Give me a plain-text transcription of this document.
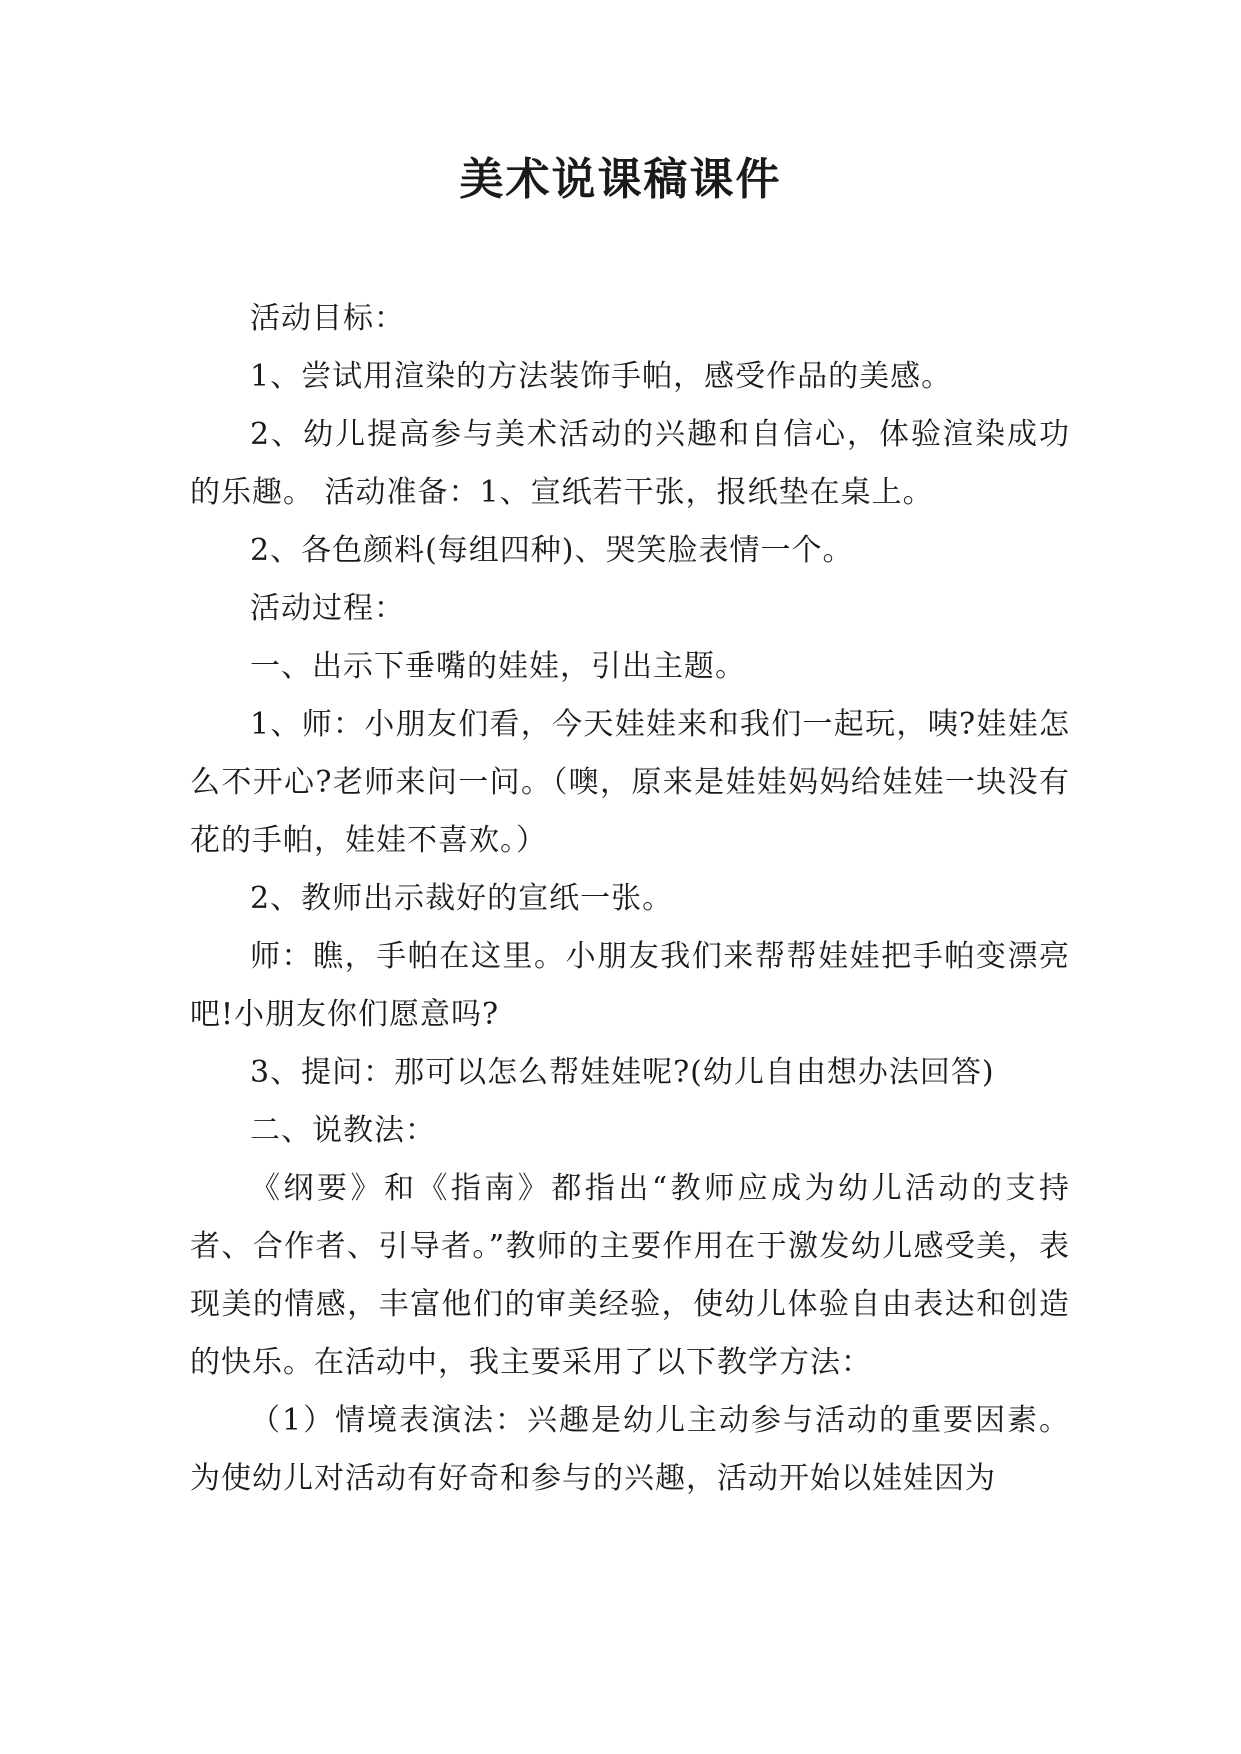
美术说课稿课件

活动目标：

1、尝试用渲染的方法装饰手帕，感受作品的美感。

2、幼儿提高参与美术活动的兴趣和自信心，体验渲染成功的乐趣。 活动准备：1、宣纸若干张，报纸垫在桌上。

2、各色颜料(每组四种)、哭笑脸表情一个。

活动过程：

一、出示下垂嘴的娃娃，引出主题。

1、师：小朋友们看，今天娃娃来和我们一起玩，咦?娃娃怎么不开心?老师来问一问。（噢，原来是娃娃妈妈给娃娃一块没有花的手帕，娃娃不喜欢。）

2、教师出示裁好的宣纸一张。

师：瞧，手帕在这里。小朋友我们来帮帮娃娃把手帕变漂亮吧!小朋友你们愿意吗?

3、提问：那可以怎么帮娃娃呢?(幼儿自由想办法回答)

二、说教法：

《纲要》和《指南》都指出“教师应成为幼儿活动的支持者、合作者、引导者。”教师的主要作用在于激发幼儿感受美，表现美的情感，丰富他们的审美经验，使幼儿体验自由表达和创造的快乐。在活动中，我主要采用了以下教学方法：

（1）情境表演法：兴趣是幼儿主动参与活动的重要因素。为使幼儿对活动有好奇和参与的兴趣，活动开始以娃娃因为
